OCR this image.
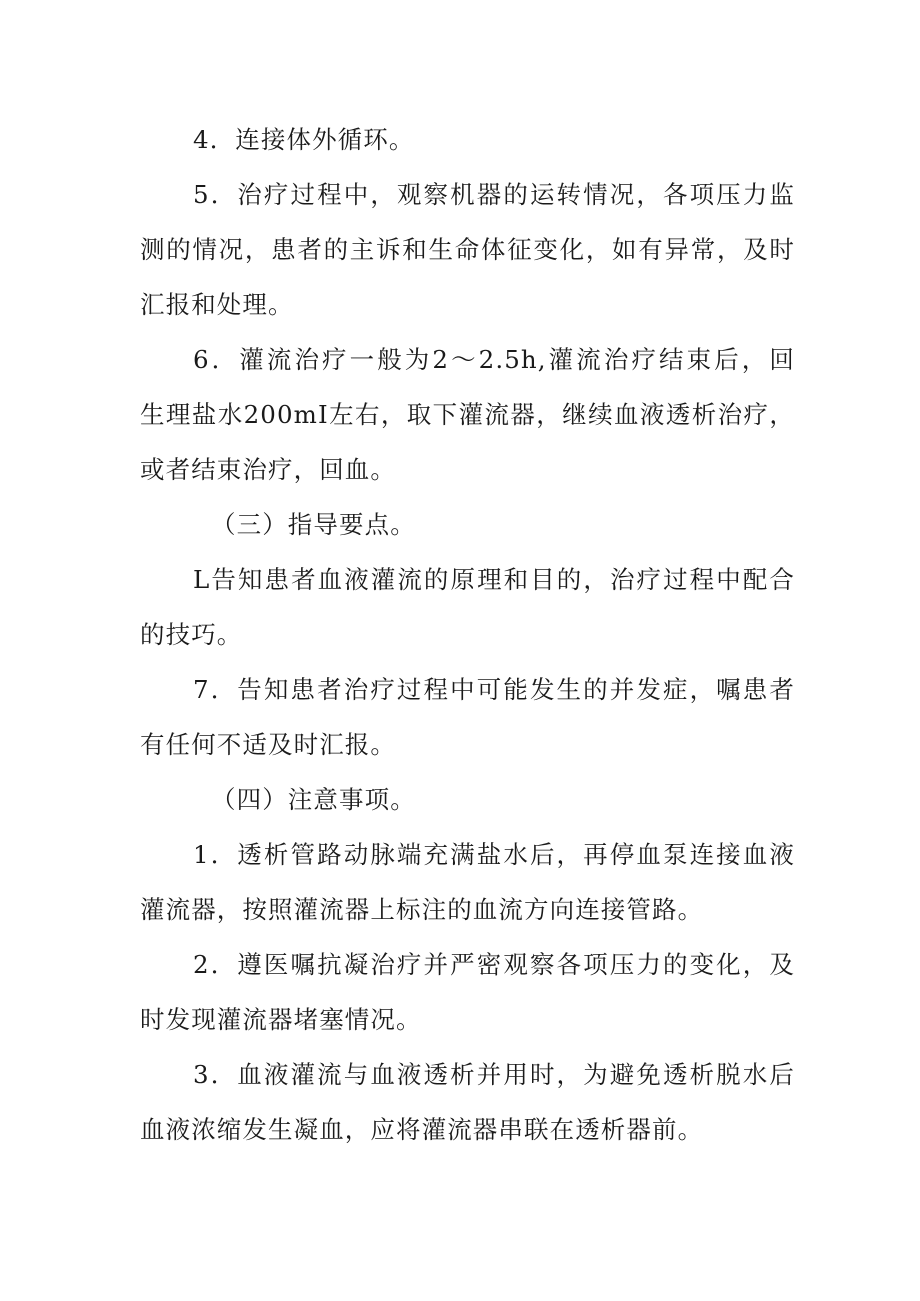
4．连接体外循环。
5．治疗过程中，观察机器的运转情况，各项压力监
测的情况，患者的主诉和生命体征变化，如有异常，及时
汇报和处理。
6．灌流治疗一般为2～2.5h,灌流治疗结束后，回
生理盐水200mI左右，取下灌流器，继续血液透析治疗，
或者结束治疗，回血。
（三）指导要点。
L告知患者血液灌流的原理和目的，治疗过程中配合
的技巧。
7．告知患者治疗过程中可能发生的并发症，嘱患者
有任何不适及时汇报。
（四）注意事项。
1．透析管路动脉端充满盐水后，再停血泵连接血液
灌流器，按照灌流器上标注的血流方向连接管路。
2．遵医嘱抗凝治疗并严密观察各项压力的变化，及
时发现灌流器堵塞情况。
3．血液灌流与血液透析并用时，为避免透析脱水后
血液浓缩发生凝血，应将灌流器串联在透析器前。
